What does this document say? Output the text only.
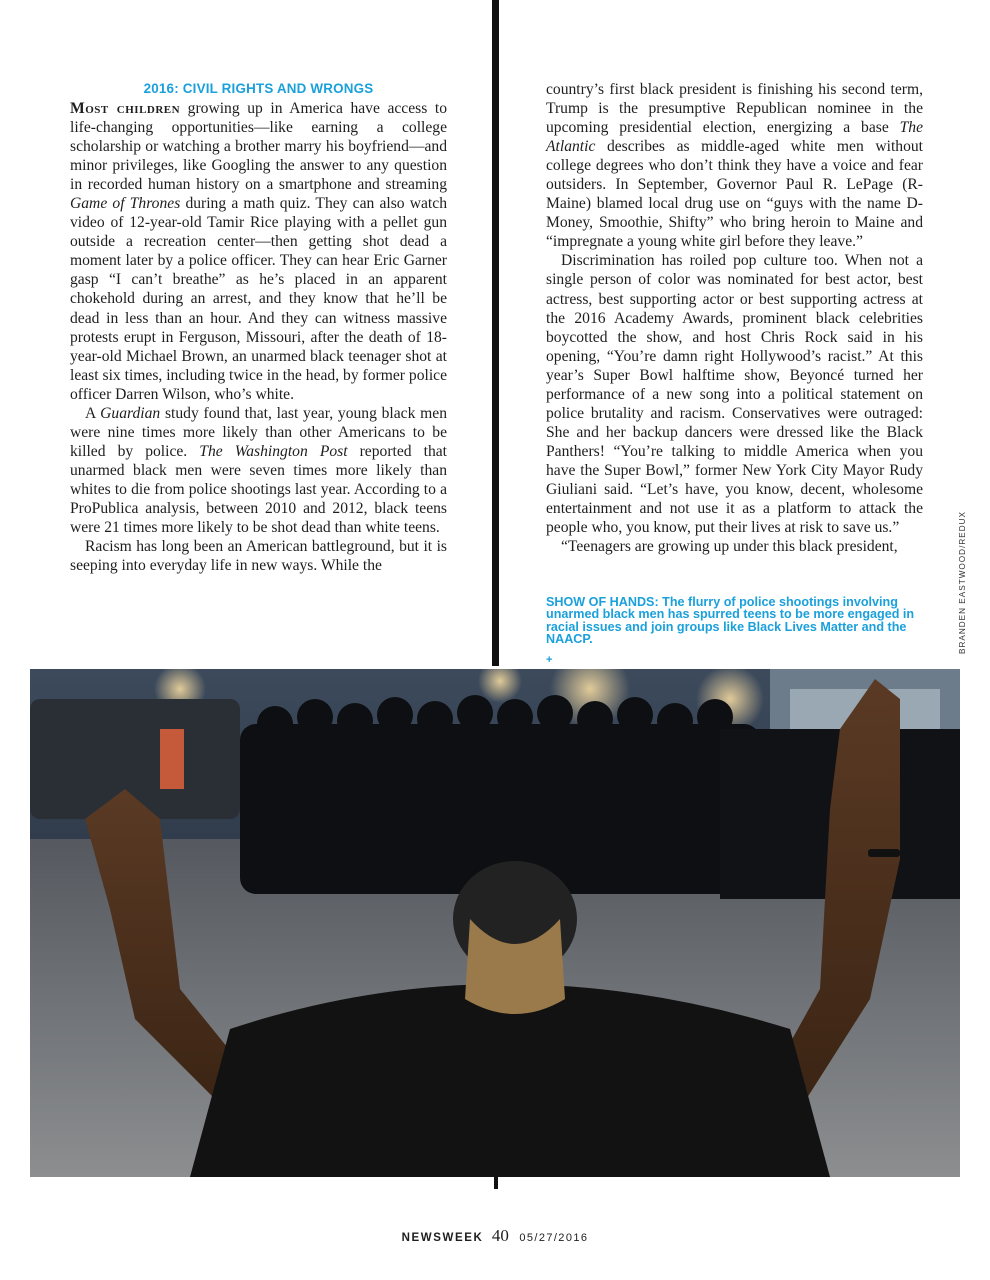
2016: CIVIL RIGHTS AND WRONGS

Most children growing up in America have access to life-changing opportunities—like earning a college scholarship or watching a brother marry his boyfriend—and minor privileges, like Googling the answer to any question in recorded human history on a smartphone and streaming Game of Thrones during a math quiz. They can also watch video of 12-year-old Tamir Rice playing with a pellet gun outside a recreation center—then getting shot dead a moment later by a police officer. They can hear Eric Garner gasp “I can’t breathe” as he’s placed in an apparent chokehold during an arrest, and they know that he’ll be dead in less than an hour. And they can witness massive protests erupt in Ferguson, Missouri, after the death of 18-year-old Michael Brown, an unarmed black teenager shot at least six times, including twice in the head, by former police officer Darren Wilson, who’s white.

A Guardian study found that, last year, young black men were nine times more likely than other Americans to be killed by police. The Washington Post reported that unarmed black men were seven times more likely than whites to die from police shootings last year. According to a ProPublica analysis, between 2010 and 2012, black teens were 21 times more likely to be shot dead than white teens.

Racism has long been an American battleground, but it is seeping into everyday life in new ways. While the

country’s first black president is finishing his second term, Trump is the presumptive Republican nominee in the upcoming presidential election, energizing a base The Atlantic describes as middle-aged white men without college degrees who don’t think they have a voice and fear outsiders. In September, Governor Paul R. LePage (R-Maine) blamed local drug use on “guys with the name D-Money, Smoothie, Shifty” who bring heroin to Maine and “impregnate a young white girl before they leave.”

Discrimination has roiled pop culture too. When not a single person of color was nominated for best actor, best actress, best supporting actor or best supporting actress at the 2016 Academy Awards, prominent black celebrities boycotted the show, and host Chris Rock said in his opening, “You’re damn right Hollywood’s racist.” At this year’s Super Bowl halftime show, Beyoncé turned her performance of a new song into a political statement on police brutality and racism. Conservatives were outraged: She and her backup dancers were dressed like the Black Panthers! “You’re talking to middle America when you have the Super Bowl,” former New York City Mayor Rudy Giuliani said. “Let’s have, you know, decent, wholesome entertainment and not use it as a platform to attack the people who, you know, put their lives at risk to save us.”

“Teenagers are growing up under this black president,

SHOW OF HANDS: The flurry of police shootings involving unarmed black men has spurred teens to be more engaged in racial issues and join groups like Black Lives Matter and the NAACP.
+
BRANDEN EASTWOOD/REDUX
NEWSWEEK 40 05/27/2016
